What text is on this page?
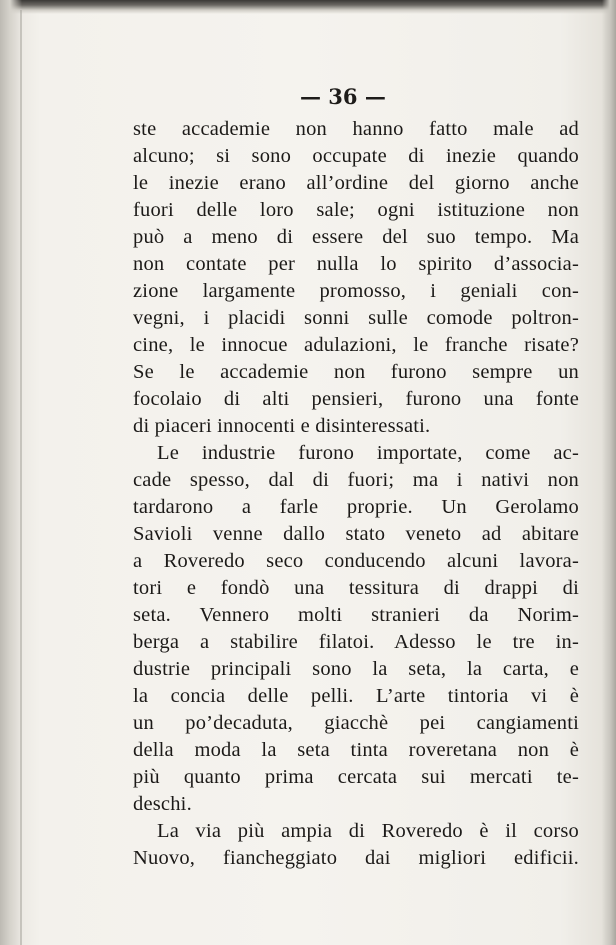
— 36 —
ste accademie non hanno fatto male ad
alcuno; si sono occupate di inezie quando
le inezie erano all’ordine del giorno anche
fuori delle loro sale; ogni istituzione non
può a meno di essere del suo tempo. Ma
non contate per nulla lo spirito d’associa-
zione largamente promosso, i geniali con-
vegni, i placidi sonni sulle comode poltron-
cine, le innocue adulazioni, le franche risate?
Se le accademie non furono sempre un
focolaio di alti pensieri, furono una fonte
di piaceri innocenti e disinteressati.
Le industrie furono importate, come ac-
cade spesso, dal di fuori; ma i nativi non
tardarono a farle proprie. Un Gerolamo
Savioli venne dallo stato veneto ad abitare
a Roveredo seco conducendo alcuni lavora-
tori e fondò una tessitura di drappi di
seta. Vennero molti stranieri da Norim-
berga a stabilire filatoi. Adesso le tre in-
dustrie principali sono la seta, la carta, e
la concia delle pelli. L’arte tintoria vi è
un po’decaduta, giacchè pei cangiamenti
della moda la seta tinta roveretana non è
più quanto prima cercata sui mercati te-
deschi.
La via più ampia di Roveredo è il corso
Nuovo, fiancheggiato dai migliori edificii.
